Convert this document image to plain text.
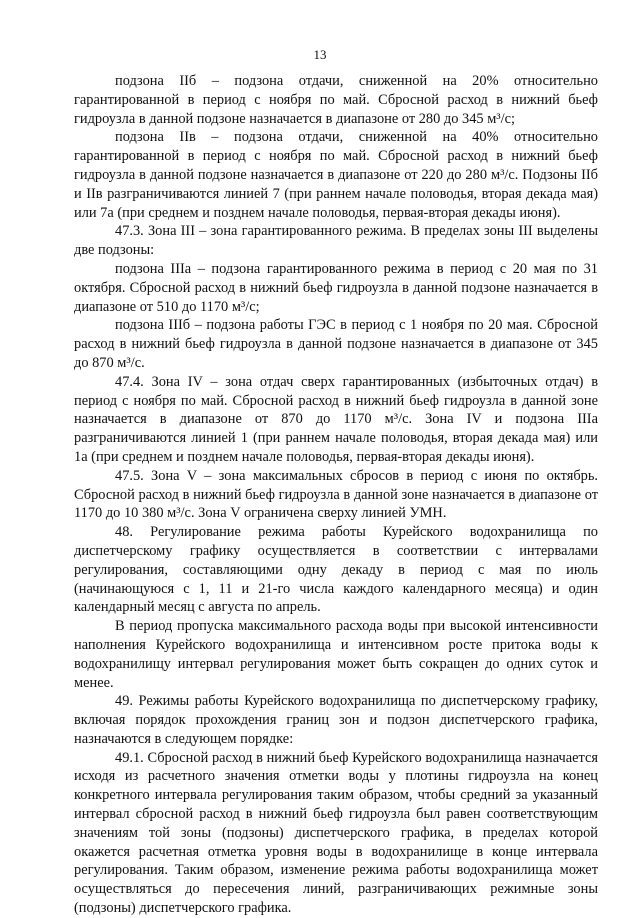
13

подзона IIб – подзона отдачи, сниженной на 20% относительно гарантированной в период с ноября по май. Сбросной расход в нижний бьеф гидроузла в данной подзоне назначается в диапазоне от 280 до 345 м³/с;

подзона IIв – подзона отдачи, сниженной на 40% относительно гарантированной в период с ноября по май. Сбросной расход в нижний бьеф гидроузла в данной подзоне назначается в диапазоне от 220 до 280 м³/с. Подзоны IIб и IIв разграничиваются линией 7 (при раннем начале половодья, вторая декада мая) или 7а (при среднем и позднем начале половодья, первая-вторая декады июня).

47.3. Зона III – зона гарантированного режима. В пределах зоны III выделены две подзоны:

подзона IIIа – подзона гарантированного режима в период с 20 мая по 31 октября. Сбросной расход в нижний бьеф гидроузла в данной подзоне назначается в диапазоне от 510 до 1170 м³/с;

подзона IIIб – подзона работы ГЭС в период с 1 ноября по 20 мая. Сбросной расход в нижний бьеф гидроузла в данной подзоне назначается в диапазоне от 345 до 870 м³/с.

47.4. Зона IV – зона отдач сверх гарантированных (избыточных отдач) в период с ноября по май. Сбросной расход в нижний бьеф гидроузла в данной зоне назначается в диапазоне от 870 до 1170 м³/с. Зона IV и подзона IIIа разграничиваются линией 1 (при раннем начале половодья, вторая декада мая) или 1а (при среднем и позднем начале половодья, первая-вторая декады июня).

47.5. Зона V – зона максимальных сбросов в период с июня по октябрь. Сбросной расход в нижний бьеф гидроузла в данной зоне назначается в диапазоне от 1170 до 10 380 м³/с. Зона V ограничена сверху линией УМН.

48. Регулирование режима работы Курейского водохранилища по диспетчерскому графику осуществляется в соответствии с интервалами регулирования, составляющими одну декаду в период с мая по июль (начинающуюся с 1, 11 и 21-го числа каждого календарного месяца) и один календарный месяц с августа по апрель.

В период пропуска максимального расхода воды при высокой интенсивности наполнения Курейского водохранилища и интенсивном росте притока воды к водохранилищу интервал регулирования может быть сокращен до одних суток и менее.

49. Режимы работы Курейского водохранилища по диспетчерскому графику, включая порядок прохождения границ зон и подзон диспетчерского графика, назначаются в следующем порядке:

49.1. Сбросной расход в нижний бьеф Курейского водохранилища назначается исходя из расчетного значения отметки воды у плотины гидроузла на конец конкретного интервала регулирования таким образом, чтобы средний за указанный интервал сбросной расход в нижний бьеф гидроузла был равен соответствующим значениям той зоны (подзоны) диспетчерского графика, в пределах которой окажется расчетная отметка уровня воды в водохранилище в конце интервала регулирования. Таким образом, изменение режима работы водохранилища может осуществляться до пересечения линий, разграничивающих режимные зоны (подзоны) диспетчерского графика.
